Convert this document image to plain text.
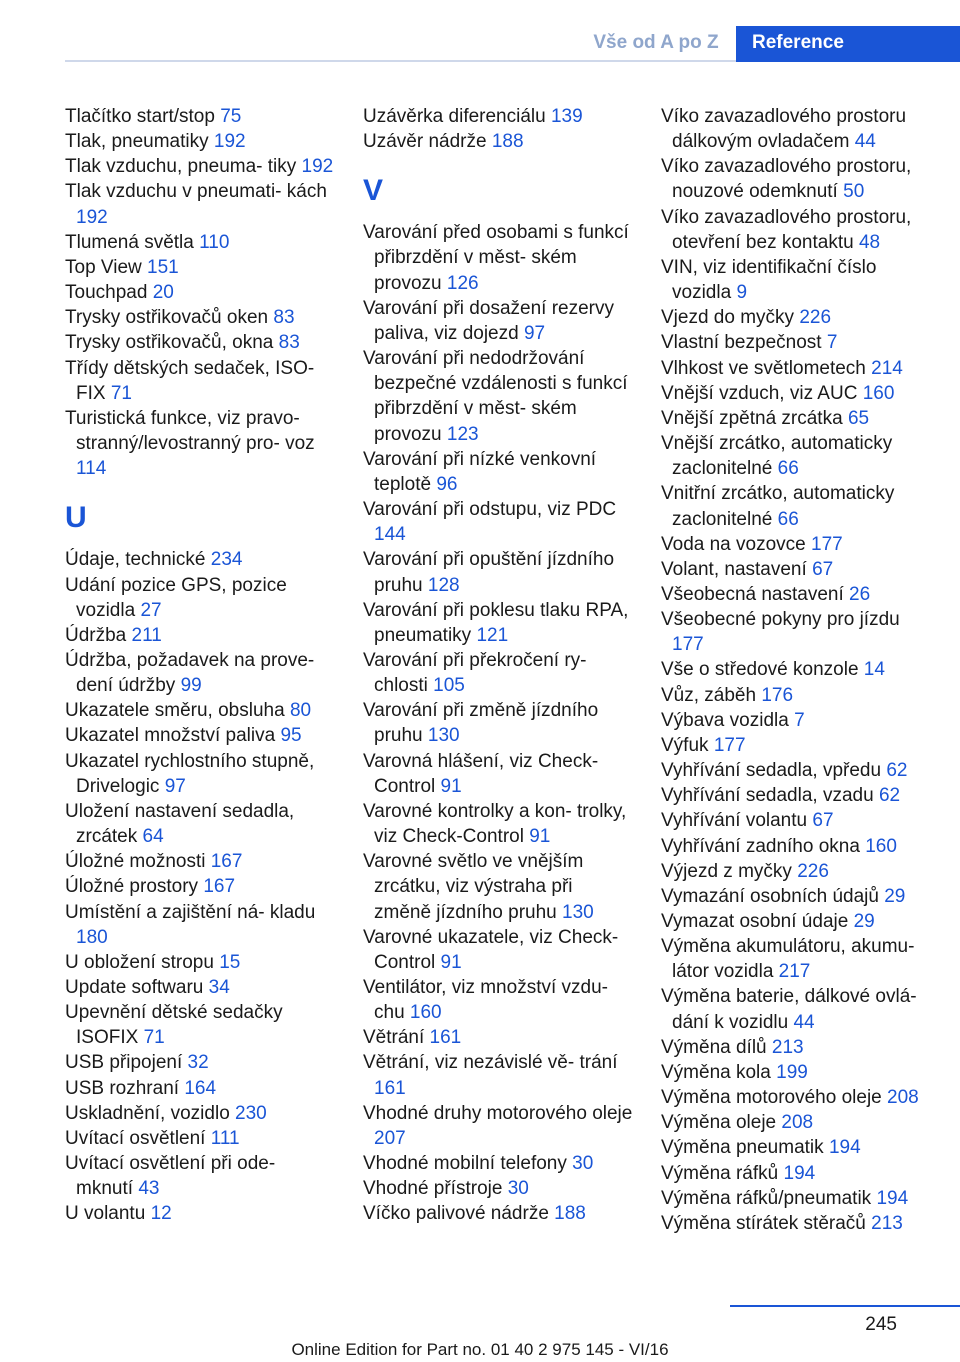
Vše od A po Z	Reference

Tlačítko start/stop 75

Tlak, pneumatiky 192

Tlak vzduchu, pneuma- tiky 192

Tlak vzduchu v pneumati- kách 192

Tlumená světla 110

Top View 151

Touchpad 20

Trysky ostřikovačů oken 83

Trysky ostřikovačů, okna 83

Třídy dětských sedaček, ISO- FIX 71

Turistická funkce, viz pravo- stranný/levostranný pro- voz 114

U

Údaje, technické 234

Udání pozice GPS, pozice vozidla 27

Údržba 211

Údržba, požadavek na prove- dení údržby 99

Ukazatele směru, obsluha 80

Ukazatel množství paliva 95

Ukazatel rychlostního stupně, Drivelogic 97

Uložení nastavení sedadla, zrcátek 64

Úložné možnosti 167

Úložné prostory 167

Umístění a zajištění ná- kladu 180

U obložení stropu 15

Update softwaru 34

Upevnění dětské sedačky ISOFIX 71

USB připojení 32

USB rozhraní 164

Uskladnění, vozidlo 230

Uvítací osvětlení 111

Uvítací osvětlení při ode- mknutí 43

U volantu 12

Uzávěrka diferenciálu 139

Uzávěr nádrže 188

V

Varování před osobami s funkcí přibrzdění v měst- ském provozu 126

Varování při dosažení rezervy paliva, viz dojezd 97

Varování při nedodržování bezpečné vzdálenosti s funkcí přibrzdění v měst- ském provozu 123

Varování při nízké venkovní teplotě 96

Varování při odstupu, viz PDC 144

Varování při opuštění jízdního pruhu 128

Varování při poklesu tlaku RPA, pneumatiky 121

Varování při překročení ry- chlosti 105

Varování při změně jízdního pruhu 130

Varovná hlášení, viz Check- Control 91

Varovné kontrolky a kon- trolky, viz Check-Control 91

Varovné světlo ve vnějším zrcátku, viz výstraha při změně jízdního pruhu 130

Varovné ukazatele, viz Check- Control 91

Ventilátor, viz množství vzdu- chu 160

Větrání 161

Větrání, viz nezávislé vě- trání 161

Vhodné druhy motorového oleje 207

Vhodné mobilní telefony 30

Vhodné přístroje 30

Víčko palivové nádrže 188

Víko zavazadlového prostoru dálkovým ovladačem 44

Víko zavazadlového prostoru, nouzové odemknutí 50

Víko zavazadlového prostoru, otevření bez kontaktu 48

VIN, viz identifikační číslo vozidla 9

Vjezd do myčky 226

Vlastní bezpečnost 7

Vlhkost ve světlometech 214

Vnější vzduch, viz AUC 160

Vnější zpětná zrcátka 65

Vnější zrcátko, automaticky zaclonitelné 66

Vnitřní zrcátko, automaticky zaclonitelné 66

Voda na vozovce 177

Volant, nastavení 67

Všeobecná nastavení 26

Všeobecné pokyny pro jízdu 177

Vše o středové konzole 14

Vůz, záběh 176

Výbava vozidla 7

Výfuk 177

Vyhřívání sedadla, vpředu 62

Vyhřívání sedadla, vzadu 62

Vyhřívání volantu 67

Vyhřívání zadního okna 160

Výjezd z myčky 226

Vymazání osobních údajů 29

Vymazat osobní údaje 29

Výměna akumulátoru, akumu- látor vozidla 217

Výměna baterie, dálkové ovlá- dání k vozidlu 44

Výměna dílů 213

Výměna kola 199

Výměna motorového oleje 208

Výměna oleje 208

Výměna pneumatik 194

Výměna ráfků 194

Výměna ráfků/pneumatik 194

Výměna stírátek stěračů 213

245
Online Edition for Part no. 01 40 2 975 145 - VI/16
